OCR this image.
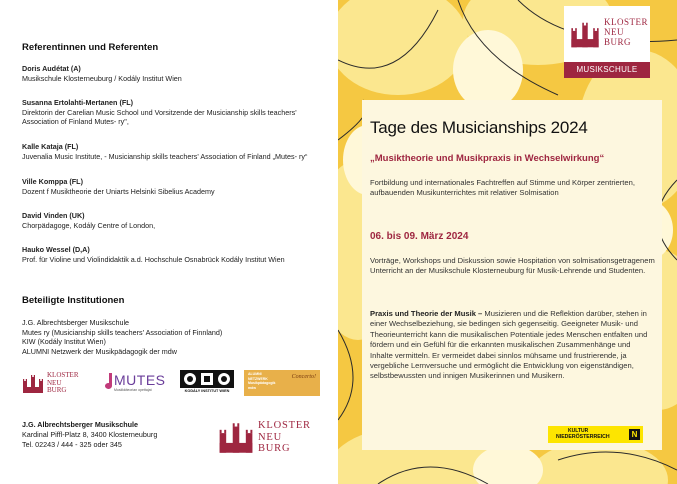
Referentinnen und Referenten
Doris Audétat (A)
Musikschule Klosterneuburg / Kodály Institut Wien
Susanna Ertolahti-Mertanen (FL)
Direktorin der Carelian Music School und Vorsitzende der Musicianship skills teachers'
Association of Finland Mutes- ry",
Kalle Kataja (FL)
Juvenalia Music Institute, - Musicianship skills teachers' Association of Finland „Mutes- ry“
Ville Komppa (FL)
Dozent f Musiktheorie der Uniarts Helsinki Sibelius Academy
David Vinden (UK)
Chorpädagoge, Kodály Centre of London,
Hauko Wessel (D,A)
Prof. für Violine und Violindidaktik a.d. Hochschule Osnabrück Kodály Institut Wien
Beteiligte Institutionen
J.G. Albrechtsberger Musikschule
Mutes ry (Musicianship skills teachers' Association of Finnland)
KIW (Kodály Institut Wien)
ALUMNI Netzwerk der Musikpädagogik der mdw
KLOSTER
NEU
BURG
MUTES
Musiikkiteorian opettajat	KODÁLY INSTITUT WIEN
ALUMNI
NETZWERK
Musikpädagogik
mdw
Concerto!
J.G. Albrechtsberger Musikschule
Kardinal Piffl-Platz 8, 3400 Klosterneuburg
Tel. 02243 / 444 - 325 oder 345
KLOSTER
NEU
BURG
KLOSTER
NEU
BURG
MUSIKSCHULE
Tage des Musicianships 2024
„Musiktheorie und Musikpraxis in Wechselwirkung“
Fortbildung und internationales Fachtreffen auf Stimme und Körper zentrierten, aufbauenden Musikunterrichtes mit relativer Solmisation
06. bis 09. März 2024
Vorträge, Workshops und Diskussion sowie Hospitation von solmisationsgetragenem Unterricht an der Musikschule Klosterneuburg für Musik-Lehrende und Studenten.
Praxis und Theorie der Musik – Musizieren und die Reflektion darüber, stehen in einer Wechselbeziehung, sie bedingen sich gegenseitig. Geeigneter Musik- und Theorieunterricht kann die musikalischen Potentiale jedes Menschen entfalten und fördern und ein Gefühl für die erkannten musikalischen Zusammenhänge und Inhalte vermitteln. Er vermeidet dabei sinnlos mühsame und frustrierende, ja vergebliche Lernversuche und ermöglicht die Entwicklung von eigenständigen, selbstbewussten und innigen Musikerinnen und Musikern.
KULTUR
NIEDERÖSTERREICH	N
